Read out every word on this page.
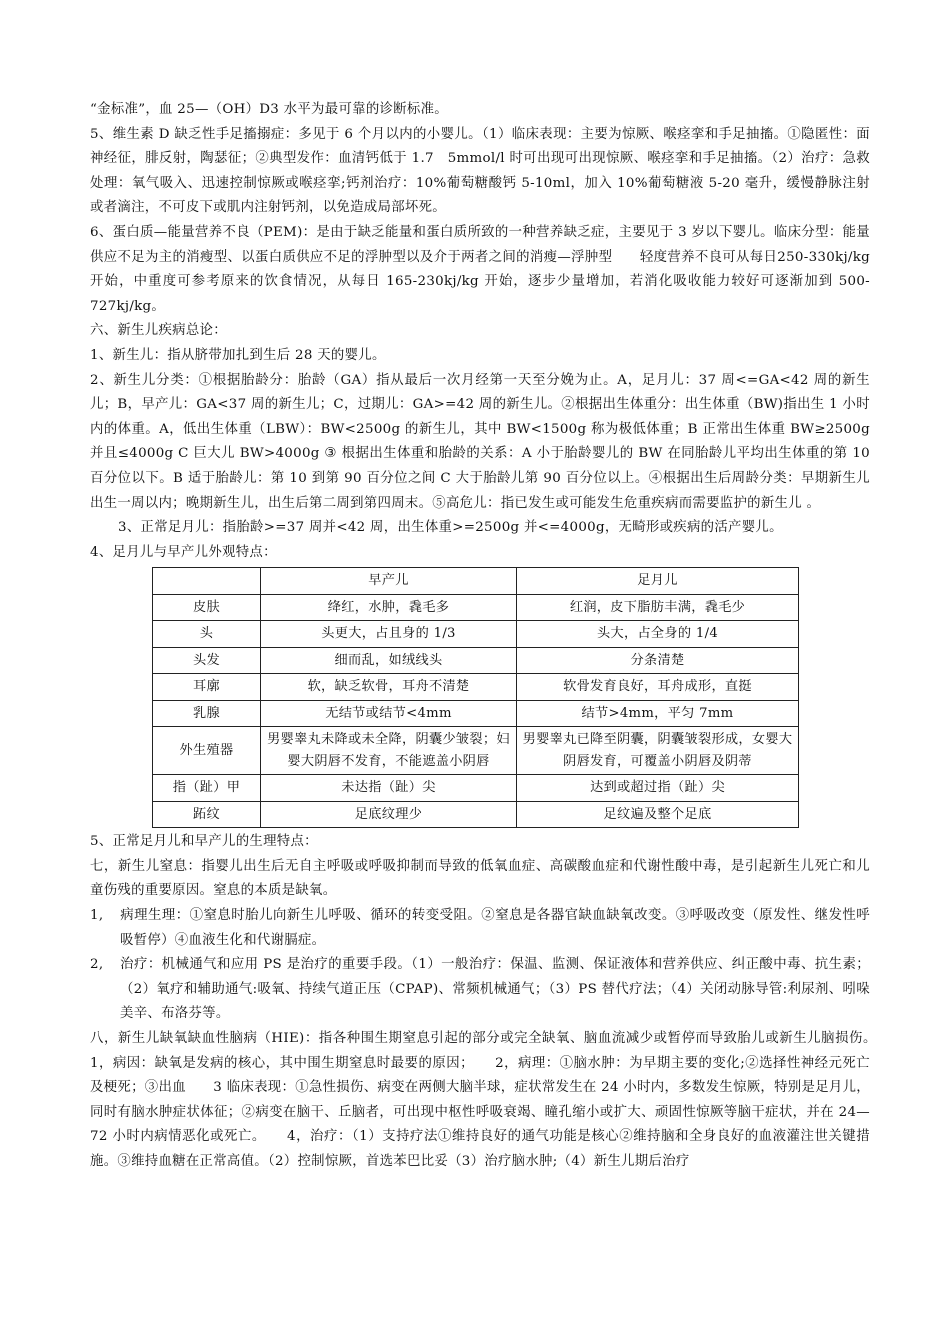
“金标准”，血 25—（OH）D3 水平为最可靠的诊断标准。

5、维生素 D 缺乏性手足搐搦症：多见于 6 个月以内的小婴儿。（1）临床表现：主要为惊厥、喉痉挛和手足抽搐。①隐匿性：面神经征，腓反射，陶瑟征；②典型发作：血清钙低于 1.7　5mmol/l 时可出现可出现惊厥、喉痉挛和手足抽搐。（2）治疗：急救处理：氧气吸入、迅速控制惊厥或喉痉挛;钙剂治疗：10%葡萄糖酸钙 5-10ml，加入 10%葡萄糖液 5-20 毫升，缓慢静脉注射或者滴注，不可皮下或肌内注射钙剂，以免造成局部坏死。

6、蛋白质—能量营养不良（PEM)：是由于缺乏能量和蛋白质所致的一种营养缺乏症，主要见于 3 岁以下婴儿。临床分型：能量供应不足为主的消瘦型、以蛋白质供应不足的浮肿型以及介于两者之间的消瘦—浮肿型　　轻度营养不良可从每日250-330kj/kg 开始，中重度可参考原来的饮食情况，从每日 165-230kj/kg 开始，逐步少量增加，若消化吸收能力较好可逐渐加到 500-727kj/kg。

六、新生儿疾病总论：

1、新生儿：指从脐带加扎到生后 28 天的婴儿。

2、新生儿分类：①根据胎龄分：胎龄（GA）指从最后一次月经第一天至分娩为止。A，足月儿：37 周<=GA<42 周的新生儿；B，早产儿：GA<37 周的新生儿；C，过期儿：GA>=42 周的新生儿。②根据出生体重分：出生体重（BW)指出生 1 小时内的体重。A，低出生体重（LBW）：BW<2500g 的新生儿，其中 BW<1500g 称为极低体重；B 正常出生体重 BW≥2500g并且≤4000g C 巨大儿 BW>4000g ③ 根据出生体重和胎龄的关系：A 小于胎龄婴儿的 BW 在同胎龄儿平均出生体重的第 10百分位以下。B 适于胎龄儿：第 10 到第 90 百分位之间 C 大于胎龄儿第 90 百分位以上。④根据出生后周龄分类：早期新生儿出生一周以内；晚期新生儿，出生后第二周到第四周末。⑤高危儿：指已发生或可能发生危重疾病而需要监护的新生儿 。

3、正常足月儿：指胎龄>=37 周并<42 周，出生体重>=2500g 并<=4000g，无畸形或疾病的活产婴儿。

4、足月儿与早产儿外观特点：

	早产儿	足月儿
皮肤	绛红，水肿，毳毛多	红润，皮下脂肪丰满，毳毛少
头	头更大，占且身的 1/3	头大，占全身的 1/4
头发	细而乱，如绒线头	分条清楚
耳廓	软，缺乏软骨，耳舟不清楚	软骨发育良好，耳舟成形，直挺
乳腺	无结节或结节<4mm	结节>4mm，平匀 7mm
外生殖器	男婴睾丸未降或未全降，阴囊少皱裂；妇婴大阴唇不发育，不能遮盖小阴唇	男婴睾丸已降至阴囊，阴囊皱裂形成，女婴大阴唇发育，可覆盖小阴唇及阴蒂
指（趾）甲	未达指（趾）尖	达到或超过指（趾）尖
跖纹	足底纹理少	足纹遍及整个足底

5、正常足月儿和早产儿的生理特点：

七，新生儿窒息：指婴儿出生后无自主呼吸或呼吸抑制而导致的低氧血症、高碳酸血症和代谢性酸中毒，是引起新生儿死亡和儿童伤残的重要原因。窒息的本质是缺氧。

1, 病理生理：①窒息时胎儿向新生儿呼吸、循环的转变受阻。②窒息是各器官缺血缺氧改变。③呼吸改变（原发性、继发性呼吸暂停）④血液生化和代谢膈症。

2, 治疗：机械通气和应用 PS 是治疗的重要手段。（1）一般治疗：保温、监测、保证液体和营养供应、纠正酸中毒、抗生素；（2）氧疗和辅助通气:吸氧、持续气道正压（CPAP)、常频机械通气；（3）PS 替代疗法；（4）关闭动脉导管:利尿剂、吲哚美辛、布洛芬等。

八，新生儿缺氧缺血性脑病（HIE)：指各种围生期窒息引起的部分或完全缺氧、脑血流减少或暂停而导致胎儿或新生儿脑损伤。　　1，病因：缺氧是发病的核心，其中围生期窒息时最要的原因；　　2，病理：①脑水肿：为早期主要的变化;②选择性神经元死亡及梗死；③出血　　3 临床表现：①急性损伤、病变在两侧大脑半球，症状常发生在 24 小时内，多数发生惊厥，特别是足月儿，同时有脑水肿症状体征；②病变在脑干、丘脑者，可出现中枢性呼吸衰竭、瞳孔缩小或扩大、顽固性惊厥等脑干症状，并在 24—72 小时内病情恶化或死亡。　　4，治疗：（1）支持疗法①维持良好的通气功能是核心②维持脑和全身良好的血液灌注世关键措施。③维持血糖在正常高值。（2）控制惊厥，首选苯巴比妥（3）治疗脑水肿;（4）新生儿期后治疗
